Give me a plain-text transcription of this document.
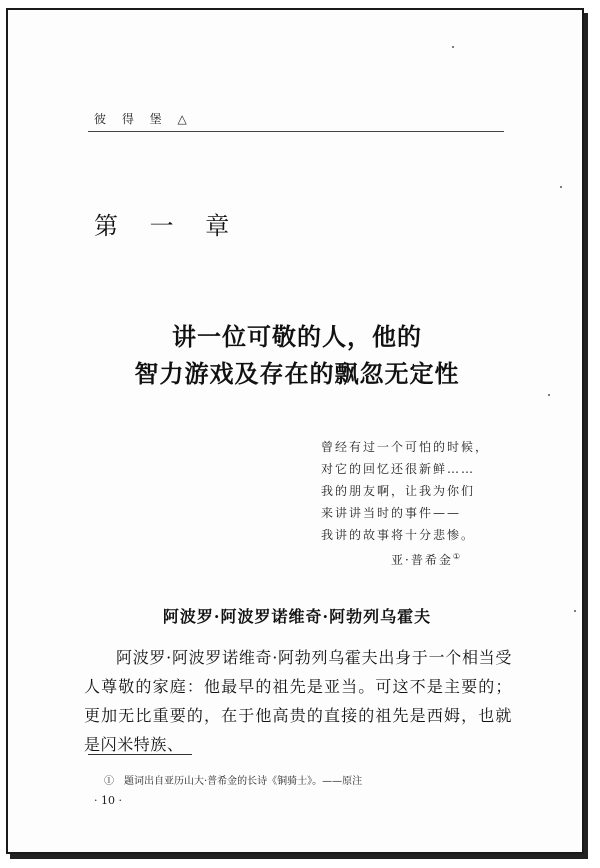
彼 得 堡 △
第 一 章
讲一位可敬的人，他的
智力游戏及存在的飘忽无定性
曾经有过一个可怕的时候，
对它的回忆还很新鲜……
我的朋友啊，让我为你们
来讲讲当时的事件——
我讲的故事将十分悲惨。
亚·普希金①
阿波罗·阿波罗诺维奇·阿勃列乌霍夫

阿波罗·阿波罗诺维奇·阿勃列乌霍夫出身于一个相当受人尊敬的家庭：他最早的祖先是亚当。可这不是主要的；更加无比重要的，在于他高贵的直接的祖先是西姆，也就是闪米特族、

①　题词出自亚历山大·普希金的长诗《铜骑士》。——原注
· 10 ·
